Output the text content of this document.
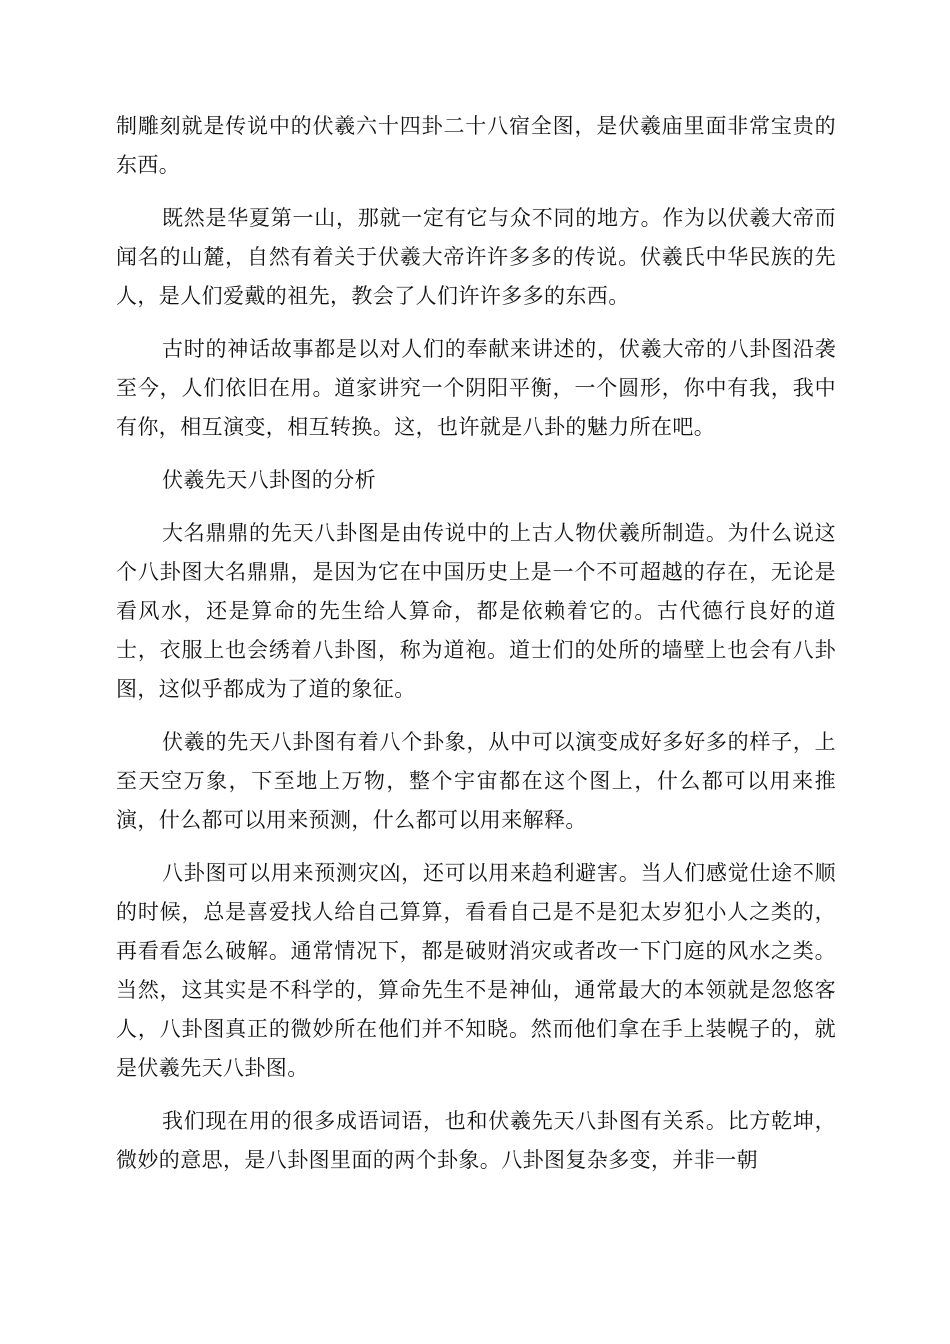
制雕刻就是传说中的伏羲六十四卦二十八宿全图，是伏羲庙里面非常宝贵的东西。

既然是华夏第一山，那就一定有它与众不同的地方。作为以伏羲大帝而闻名的山麓，自然有着关于伏羲大帝许许多多的传说。伏羲氏中华民族的先人，是人们爱戴的祖先，教会了人们许许多多的东西。

古时的神话故事都是以对人们的奉献来讲述的，伏羲大帝的八卦图沿袭至今，人们依旧在用。道家讲究一个阴阳平衡，一个圆形，你中有我，我中有你，相互演变，相互转换。这，也许就是八卦的魅力所在吧。

伏羲先天八卦图的分析

大名鼎鼎的先天八卦图是由传说中的上古人物伏羲所制造。为什么说这个八卦图大名鼎鼎，是因为它在中国历史上是一个不可超越的存在，无论是看风水，还是算命的先生给人算命，都是依赖着它的。古代德行良好的道士，衣服上也会绣着八卦图，称为道袍。道士们的处所的墙壁上也会有八卦图，这似乎都成为了道的象征。

伏羲的先天八卦图有着八个卦象，从中可以演变成好多好多的样子，上至天空万象，下至地上万物，整个宇宙都在这个图上，什么都可以用来推演，什么都可以用来预测，什么都可以用来解释。

八卦图可以用来预测灾凶，还可以用来趋利避害。当人们感觉仕途不顺的时候，总是喜爱找人给自己算算，看看自己是不是犯太岁犯小人之类的，再看看怎么破解。通常情况下，都是破财消灾或者改一下门庭的风水之类。当然，这其实是不科学的，算命先生不是神仙，通常最大的本领就是忽悠客人，八卦图真正的微妙所在他们并不知晓。然而他们拿在手上装幌子的，就是伏羲先天八卦图。

我们现在用的很多成语词语，也和伏羲先天八卦图有关系。比方乾坤，微妙的意思，是八卦图里面的两个卦象。八卦图复杂多变，并非一朝
